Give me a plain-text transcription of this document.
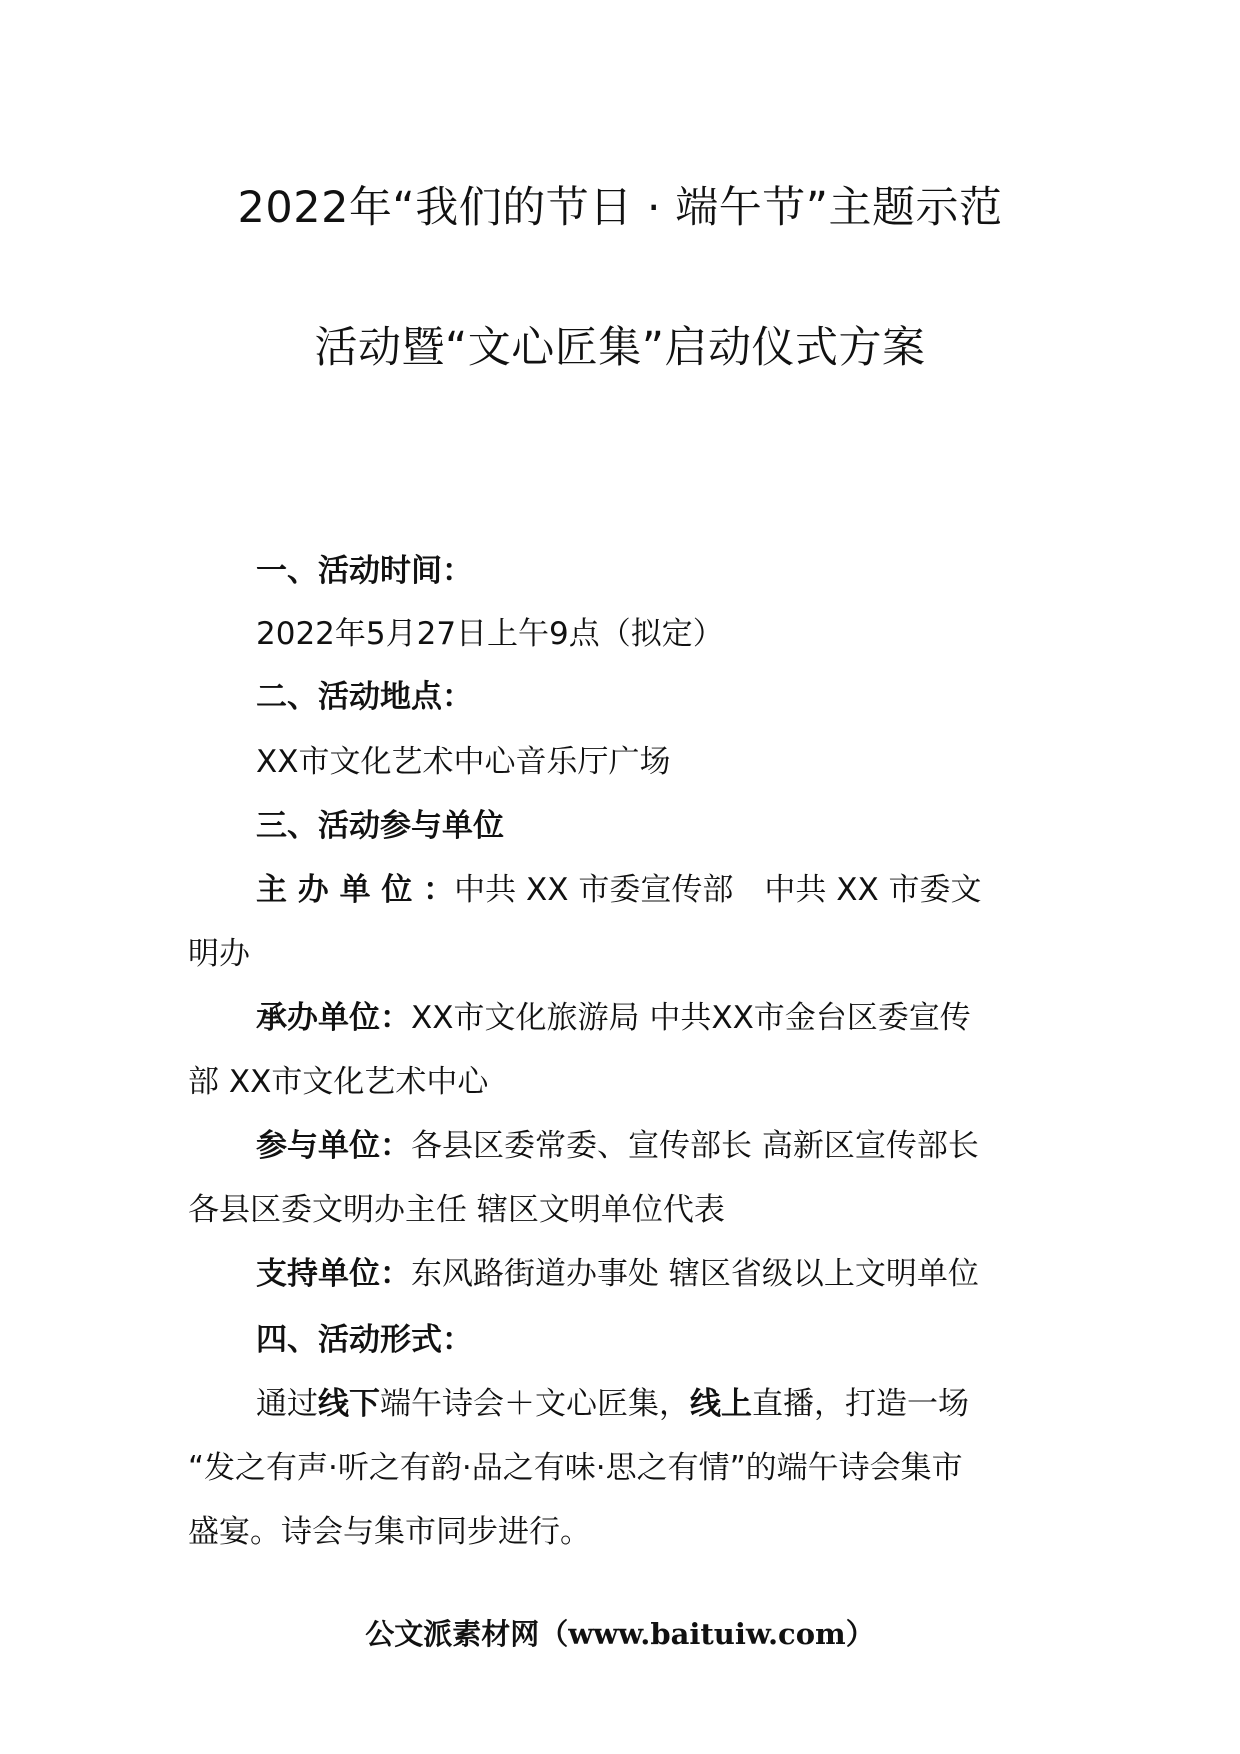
2022年“我们的节日 · 端午节”主题示范
活动暨“文心匠集”启动仪式方案
一、活动时间：
2022年5月27日上午9点（拟定）
二、活动地点：
XX市文化艺术中心音乐厅广场
三、活动参与单位
主 办 单 位 ：中共 XX 市委宣传部　中共 XX 市委文
明办
承办单位：XX市文化旅游局 中共XX市金台区委宣传
部 XX市文化艺术中心
参与单位：各县区委常委、宣传部长 高新区宣传部长
各县区委文明办主任 辖区文明单位代表
支持单位：东风路街道办事处 辖区省级以上文明单位
四、活动形式：
通过线下端午诗会＋文心匠集，线上直播，打造一场
“发之有声·听之有韵·品之有味·思之有情”的端午诗会集市
盛宴。诗会与集市同步进行。
公文派素材网（www.baituiw.com）
